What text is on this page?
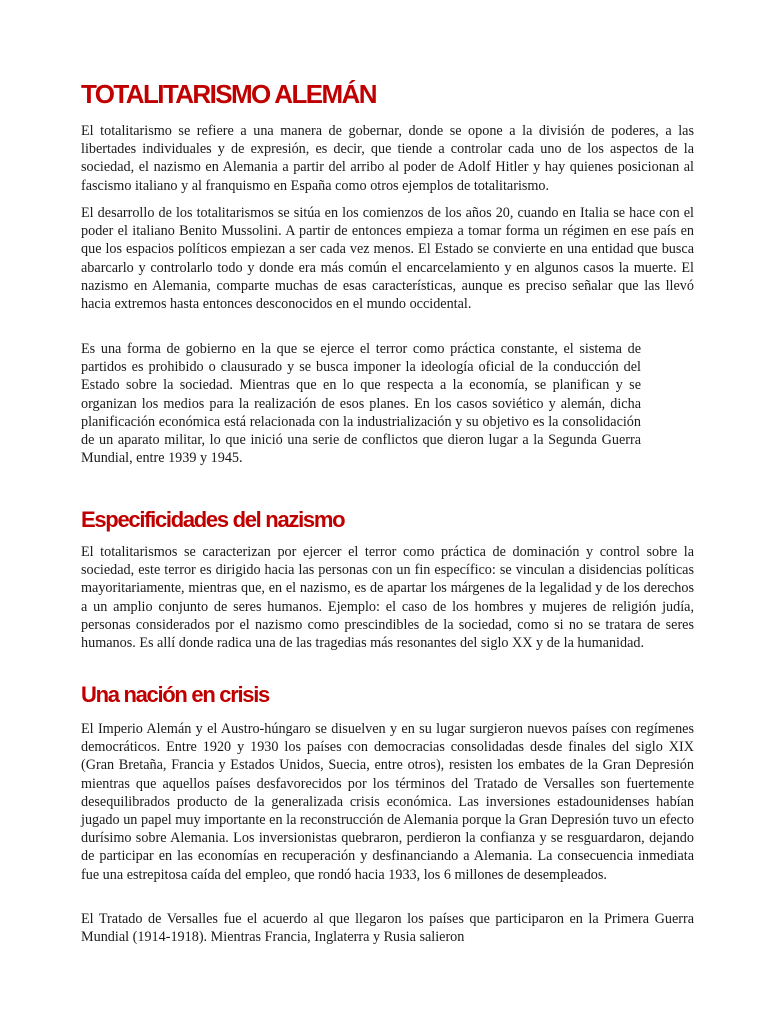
TOTALITARISMO ALEMÁN

El totalitarismo se refiere a una manera de gobernar, donde se opone a la división de poderes, a las libertades individuales y de expresión, es decir, que tiende a controlar cada uno de los aspectos de la sociedad, el nazismo en Alemania a partir del arribo al poder de Adolf Hitler y hay quienes posicionan al fascismo italiano y al franquismo en España como otros ejemplos de totalitarismo.

El desarrollo de los totalitarismos se sitúa en los comienzos de los años 20, cuando en Italia se hace con el poder el italiano Benito Mussolini. A partir de entonces empieza a tomar forma un régimen en ese país en que los espacios políticos empiezan a ser cada vez menos. El Estado se convierte en una entidad que busca abarcarlo y controlarlo todo y donde era más común el encarcelamiento y en algunos casos la muerte. El nazismo en Alemania, comparte muchas de esas características, aunque es preciso señalar que las llevó hacia extremos hasta entonces desconocidos en el mundo occidental.

Es una forma de gobierno en la que se ejerce el terror como práctica constante, el sistema de partidos es prohibido o clausurado y se busca imponer la ideología oficial de la conducción del Estado sobre la sociedad. Mientras que en lo que respecta a la economía, se planifican y se organizan los medios para la realización de esos planes. En los casos soviético y alemán, dicha planificación económica está relacionada con la industrialización y su objetivo es la consolidación de un aparato militar, lo que inició una serie de conflictos que dieron lugar a la Segunda Guerra Mundial, entre 1939 y 1945.

Especificidades del nazismo

El totalitarismos se caracterizan por ejercer el terror como práctica de dominación y control sobre la sociedad, este terror es dirigido hacia las personas con un fin específico: se vinculan a disidencias políticas mayoritariamente, mientras que, en el nazismo, es de apartar los márgenes de la legalidad y de los derechos a un amplio conjunto de seres humanos. Ejemplo: el caso de los hombres y mujeres de religión judía, personas considerados por el nazismo como prescindibles de la sociedad, como si no se tratara de seres humanos. Es allí donde radica una de las tragedias más resonantes del siglo XX y de la humanidad.

Una nación en crisis

El Imperio Alemán y el Austro-húngaro se disuelven y en su lugar surgieron nuevos países con regímenes democráticos. Entre 1920 y 1930 los países con democracias consolidadas desde finales del siglo XIX (Gran Bretaña, Francia y Estados Unidos, Suecia, entre otros), resisten los embates de la Gran Depresión mientras que aquellos países desfavorecidos por los términos del Tratado de Versalles son fuertemente desequilibrados producto de la generalizada crisis económica. Las inversiones estadounidenses habían jugado un papel muy importante en la reconstrucción de Alemania porque la Gran Depresión tuvo un efecto durísimo sobre Alemania. Los inversionistas quebraron, perdieron la confianza y se resguardaron, dejando de participar en las economías en recuperación y desfinanciando a Alemania. La consecuencia inmediata fue una estrepitosa caída del empleo, que rondó hacia 1933, los 6 millones de desempleados.

El Tratado de Versalles fue el acuerdo al que llegaron los países que participaron en la Primera Guerra Mundial (1914-1918). Mientras Francia, Inglaterra y Rusia salieron
